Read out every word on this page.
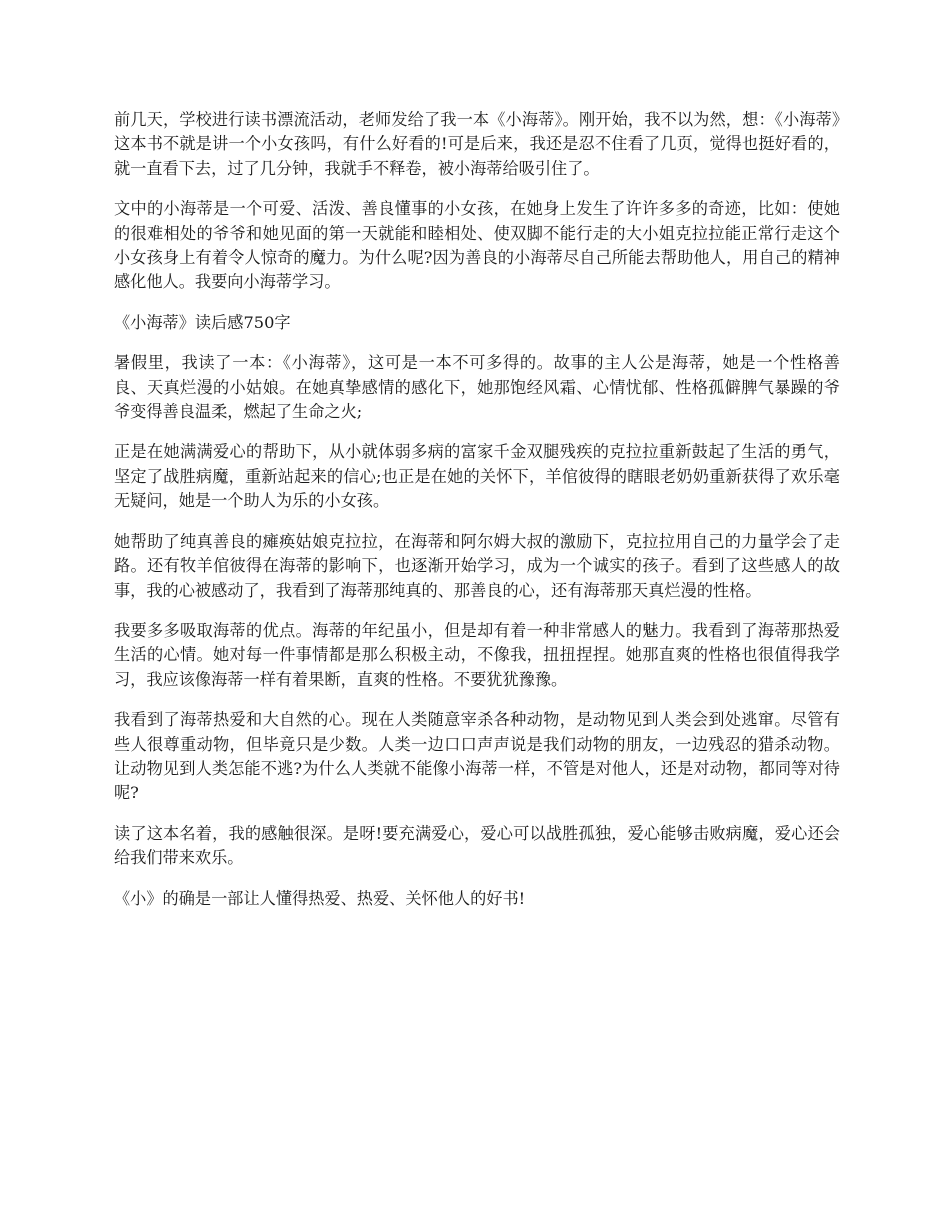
前几天，学校进行读书漂流活动，老师发给了我一本《小海蒂》。刚开始，我不以为然，想：《小海蒂》这本书不就是讲一个小女孩吗，有什么好看的!可是后来，我还是忍不住看了几页，觉得也挺好看的，就一直看下去，过了几分钟，我就手不释卷，被小海蒂给吸引住了。

文中的小海蒂是一个可爱、活泼、善良懂事的小女孩，在她身上发生了许许多多的奇迹，比如：使她的很难相处的爷爷和她见面的第一天就能和睦相处、使双脚不能行走的大小姐克拉拉能正常行走这个小女孩身上有着令人惊奇的魔力。为什么呢?因为善良的小海蒂尽自己所能去帮助他人，用自己的精神感化他人。我要向小海蒂学习。

《小海蒂》读后感750字

暑假里，我读了一本：《小海蒂》，这可是一本不可多得的。故事的主人公是海蒂，她是一个性格善良、天真烂漫的小姑娘。在她真挚感情的感化下，她那饱经风霜、心情忧郁、性格孤僻脾气暴躁的爷爷变得善良温柔，燃起了生命之火;

正是在她满满爱心的帮助下，从小就体弱多病的富家千金双腿残疾的克拉拉重新鼓起了生活的勇气，坚定了战胜病魔，重新站起来的信心;也正是在她的关怀下，羊倌彼得的瞎眼老奶奶重新获得了欢乐毫无疑问，她是一个助人为乐的小女孩。

她帮助了纯真善良的瘫痪姑娘克拉拉，在海蒂和阿尔姆大叔的激励下，克拉拉用自己的力量学会了走路。还有牧羊倌彼得在海蒂的影响下，也逐渐开始学习，成为一个诚实的孩子。看到了这些感人的故事，我的心被感动了，我看到了海蒂那纯真的、那善良的心，还有海蒂那天真烂漫的性格。

我要多多吸取海蒂的优点。海蒂的年纪虽小，但是却有着一种非常感人的魅力。我看到了海蒂那热爱生活的心情。她对每一件事情都是那么积极主动，不像我，扭扭捏捏。她那直爽的性格也很值得我学习，我应该像海蒂一样有着果断，直爽的性格。不要犹犹豫豫。

我看到了海蒂热爱和大自然的心。现在人类随意宰杀各种动物，是动物见到人类会到处逃窜。尽管有些人很尊重动物，但毕竟只是少数。人类一边口口声声说是我们动物的朋友，一边残忍的猎杀动物。让动物见到人类怎能不逃?为什么人类就不能像小海蒂一样，不管是对他人，还是对动物，都同等对待呢?

读了这本名着，我的感触很深。是呀!要充满爱心，爱心可以战胜孤独，爱心能够击败病魔，爱心还会给我们带来欢乐。

《小》的确是一部让人懂得热爱、热爱、关怀他人的好书!
